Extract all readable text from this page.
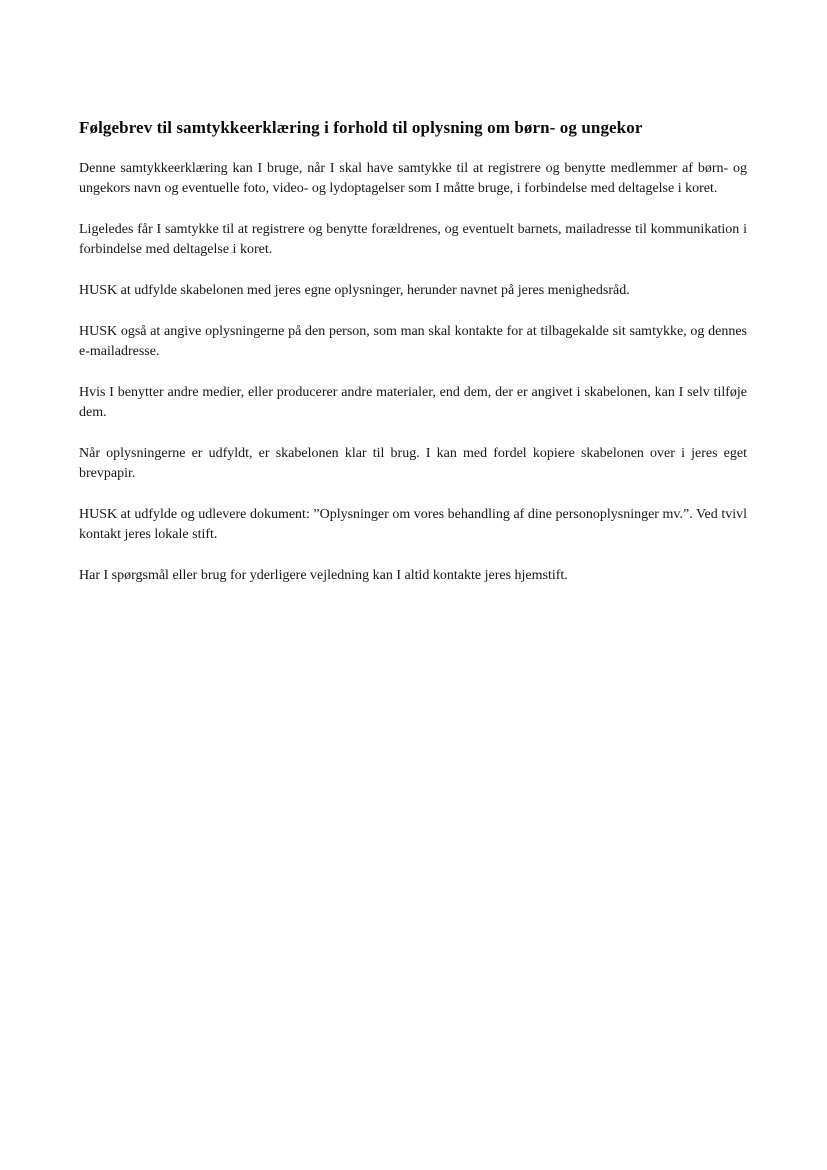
Følgebrev til samtykkeerklæring i forhold til oplysning om børn- og ungekor

Denne samtykkeerklæring kan I bruge, når I skal have samtykke til at registrere og benytte medlemmer af børn- og ungekors navn og eventuelle foto, video- og lydoptagelser som I måtte bruge, i forbindelse med deltagelse i koret.

Ligeledes får I samtykke til at registrere og benytte forældrenes, og eventuelt barnets, mailadresse til kommunikation i forbindelse med deltagelse i koret.

HUSK at udfylde skabelonen med jeres egne oplysninger, herunder navnet på jeres menighedsråd.

HUSK også at angive oplysningerne på den person, som man skal kontakte for at tilbagekalde sit samtykke, og dennes e-mailadresse.

Hvis I benytter andre medier, eller producerer andre materialer, end dem, der er angivet i skabelonen, kan I selv tilføje dem.

Når oplysningerne er udfyldt, er skabelonen klar til brug. I kan med fordel kopiere skabelonen over i jeres eget brevpapir.

HUSK at udfylde og udlevere dokument: ”Oplysninger om vores behandling af dine personoplysninger mv.”. Ved tvivl kontakt jeres lokale stift.

Har I spørgsmål eller brug for yderligere vejledning kan I altid kontakte jeres hjemstift.
